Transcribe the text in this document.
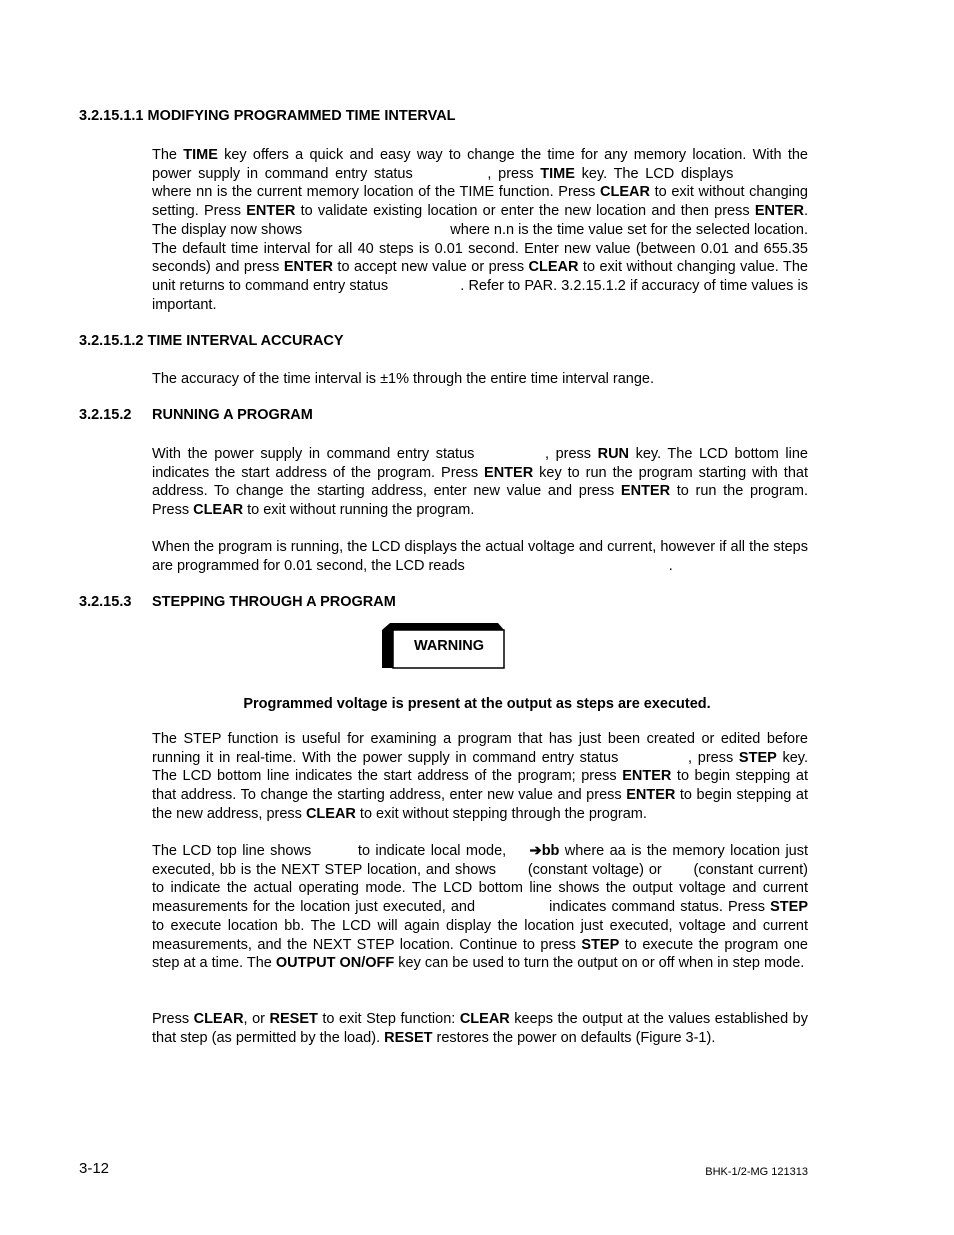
3.2.15.1.1 MODIFYING PROGRAMMED TIME INTERVAL

The TIME key offers a quick and easy way to change the time for any memory location. With the power supply in command entry status	, press TIME key. The LCD displays  where nn is the current memory location of the TIME function. Press CLEAR to exit without changing setting. Press ENTER to validate existing location or enter the new location and then press ENTER. The display now shows	where n.n is the time value set for the selected location. The default time interval for all 40 steps is 0.01 second. Enter new value (between 0.01 and 655.35 seconds) and press ENTER to accept new value or press CLEAR to exit without changing value. The unit returns to command entry status	. Refer to PAR. 3.2.15.1.2 if accuracy of time values is important.

3.2.15.1.2 TIME INTERVAL ACCURACY

The accuracy of the time interval is ±1% through the entire time interval range.

3.2.15.2 RUNNING A PROGRAM

With the power supply in command entry status	, press RUN key. The LCD bottom line indicates the start address of the program. Press ENTER key to run the program starting with that address. To change the starting address, enter new value and press ENTER to run the program. Press CLEAR to exit without running the program.

When the program is running, the LCD displays the actual voltage and current, however if all the steps are programmed for 0.01 second, the LCD reads	.

3.2.15.3 STEPPING THROUGH A PROGRAM
WARNING
Programmed voltage is present at the output as steps are executed.

The STEP function is useful for examining a program that has just been created or edited before running it in real-time. With the power supply in command entry status	, press STEP key. The LCD bottom line indicates the start address of the program; press ENTER to begin stepping at that address. To change the starting address, enter new value and press ENTER to begin stepping at the new address, press CLEAR to exit without stepping through the program.

The LCD top line shows  to indicate local mode, ➔bb where aa is the memory location just executed, bb is the NEXT STEP location, and shows  (constant voltage) or  (constant current) to indicate the actual operating mode. The LCD bottom line shows the output voltage and current measurements for the location just executed, and	indicates command status. Press STEP to execute location bb. The LCD will again display the location just executed, voltage and current measurements, and the NEXT STEP location. Continue to press STEP to execute the program one step at a time. The OUTPUT ON/OFF key can be used to turn the output on or off when in step mode.

Press CLEAR, or RESET to exit Step function: CLEAR keeps the output at the values established by that step (as permitted by the load). RESET restores the power on defaults (Figure 3-1).

3-12	BHK-1/2-MG 121313
